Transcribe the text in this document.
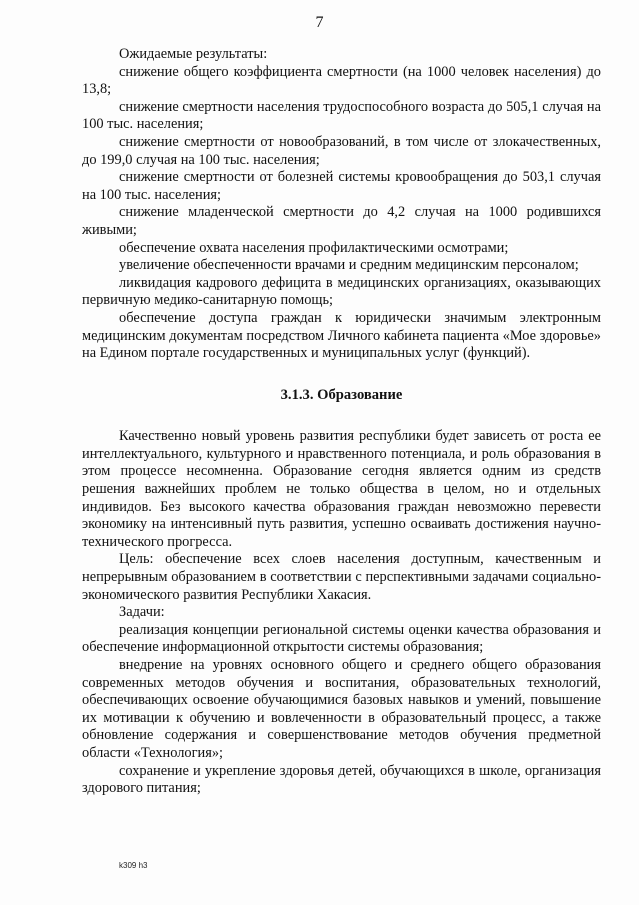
7

Ожидаемые результаты:

снижение общего коэффициента смертности (на 1000 человек населения) до 13,8;

снижение смертности населения трудоспособного возраста до 505,1 случая на 100 тыс. населения;

снижение смертности от новообразований, в том числе от злокачественных, до 199,0 случая на 100 тыс. населения;

снижение смертности от болезней системы кровообращения до 503,1 случая на 100 тыс. населения;

снижение младенческой смертности до 4,2 случая на 1000 родившихся живыми;

обеспечение охвата населения профилактическими осмотрами;

увеличение обеспеченности врачами и средним медицинским персоналом;

ликвидация кадрового дефицита в медицинских организациях, оказывающих первичную медико-санитарную помощь;

обеспечение доступа граждан к юридически значимым электронным медицинским документам посредством Личного кабинета пациента «Мое здоровье» на Едином портале государственных и муниципальных услуг (функций).

3.1.3. Образование

Качественно новый уровень развития республики будет зависеть от роста ее интеллектуального, культурного и нравственного потенциала, и роль образования в этом процессе несомненна. Образование сегодня является одним из средств решения важнейших проблем не только общества в целом, но и отдельных индивидов. Без высокого качества образования граждан невозможно перевести экономику на интенсивный путь развития, успешно осваивать достижения научно-технического прогресса.

Цель: обеспечение всех слоев населения доступным, качественным и непрерывным образованием в соответствии с перспективными задачами социально-экономического развития Республики Хакасия.

Задачи:

реализация концепции региональной системы оценки качества образования и обеспечение информационной открытости системы образования;

внедрение на уровнях основного общего и среднего общего образования современных методов обучения и воспитания, образовательных технологий, обеспечивающих освоение обучающимися базовых навыков и умений, повышение их мотивации к обучению и вовлеченности в образовательный процесс, а также обновление содержания и совершенствование методов обучения предметной области «Технология»;

сохранение и укрепление здоровья детей, обучающихся в школе, организация здорового питания;

k309 h3
